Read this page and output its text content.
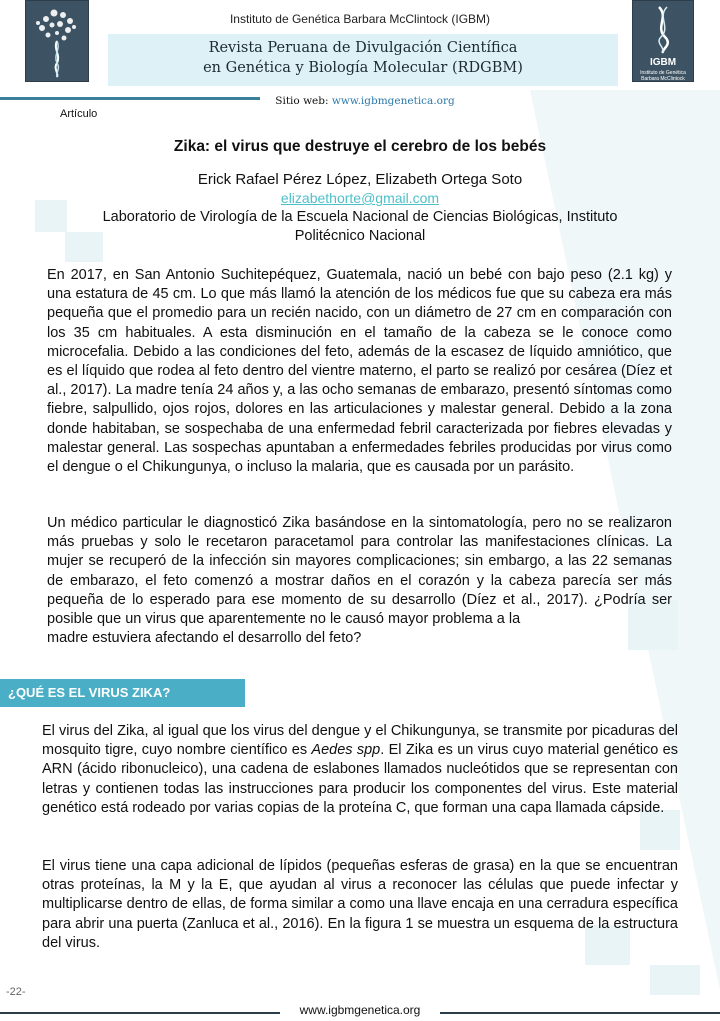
Instituto de Genética Barbara McClintock (IGBM)
Revista Peruana de Divulgación Científica
en Genética y Biología Molecular (RDGBM)	IGBM
Instituto de Genética Barbara McClintock
Sitio web: www.igbmgenetica.org
Artículo
Zika: el virus que destruye el cerebro de los bebés
Erick Rafael Pérez López, Elizabeth Ortega Soto
elizabethorte@gmail.com
Laboratorio de Virología de la Escuela Nacional de Ciencias Biológicas, Instituto Politécnico Nacional
En 2017, en San Antonio Suchitepéquez, Guatemala, nació un bebé con bajo peso (2.1 kg) y una estatura de 45 cm. Lo que más llamó la atención de los médicos fue que su cabeza era más pequeña que el promedio para un recién nacido, con un diámetro de 27 cm en comparación con los 35 cm habituales. A esta disminución en el tamaño de la cabeza se le conoce como microcefalia. Debido a las condiciones del feto, además de la escasez de líquido amniótico, que es el líquido que rodea al feto dentro del vientre materno, el parto se realizó por cesárea (Díez et al., 2017). La madre tenía 24 años y, a las ocho semanas de embarazo, presentó síntomas como fiebre, salpullido, ojos rojos, dolores en las articulaciones y malestar general. Debido a la zona donde habitaban, se sospechaba de una enfermedad febril caracterizada por fiebres elevadas y malestar general. Las sospechas apuntaban a enfermedades febriles producidas por virus como el dengue o el Chikungunya, o incluso la malaria, que es causada por un parásito.
Un médico particular le diagnosticó Zika basándose en la sintomatología, pero no se realizaron más pruebas y solo le recetaron paracetamol para controlar las manifestaciones clínicas. La mujer se recuperó de la infección sin mayores complicaciones; sin embargo, a las 22 semanas de embarazo, el feto comenzó a mostrar daños en el corazón y la cabeza parecía ser más pequeña de lo esperado para ese momento de su desarrollo (Díez et al., 2017). ¿Podría ser posible que un virus que aparentemente no le causó mayor problema a la
madre estuviera afectando el desarrollo del feto?
¿QUÉ ES EL VIRUS ZIKA?
El virus del Zika, al igual que los virus del dengue y el Chikungunya, se transmite por picaduras del mosquito tigre, cuyo nombre científico es Aedes spp. El Zika es un virus cuyo material genético es ARN (ácido ribonucleico), una cadena de eslabones llamados nucleótidos que se representan con letras y contienen todas las instrucciones para producir los componentes del virus. Este material genético está rodeado por varias copias de la proteína C, que forman una capa llamada cápside.
El virus tiene una capa adicional de lípidos (pequeñas esferas de grasa) en la que se encuentran otras proteínas, la M y la E, que ayudan al virus a reconocer las células que puede infectar y multiplicarse dentro de ellas, de forma similar a como una llave encaja en una cerradura específica para abrir una puerta (Zanluca et al., 2016). En la figura 1 se muestra un esquema de la estructura del virus.
-22-
www.igbmgenetica.org
